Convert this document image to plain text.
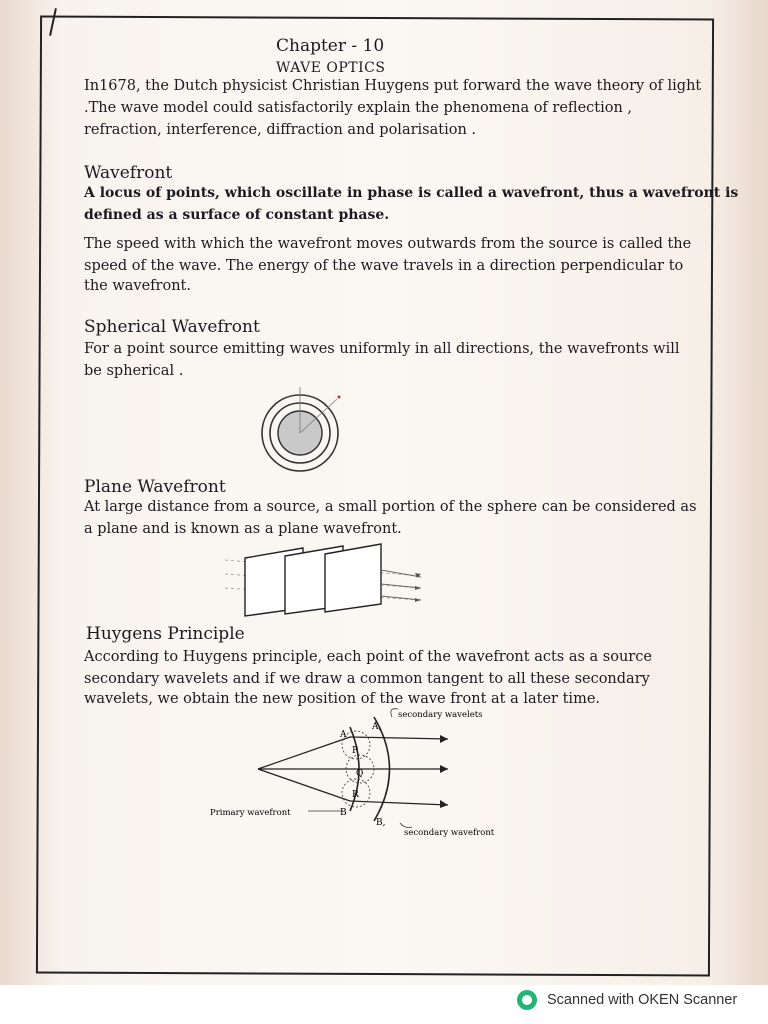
Chapter - 10
WAVE OPTICS
In1678, the Dutch physicist Christian Huygens put forward the wave theory of light
.The wave model could satisfactorily explain the phenomena of reflection ,
refraction, interference, diffraction and polarisation .
Wavefront
A locus of points, which oscillate in phase is called a wavefront, thus a wavefront is
defined as a surface of constant phase.
The speed with which the wavefront moves outwards from the source is called the
speed of the wave. The energy of the wave travels in a direction perpendicular to
the wavefront.
Spherical Wavefront
For a point source emitting waves uniformly in all directions, the wavefronts will
be spherical .
Plane Wavefront
At large distance from a source, a small portion of the sphere can be considered as
a plane and is known as a plane wavefront.
Huygens Principle
According to Huygens principle, each point of the wavefront acts as a source
secondary wavelets and if we draw a common tangent to all these secondary
wavelets, we obtain the new position of the wave front at a later time.
secondary wavelets
A
A,
P
Q
R
B
B,
Primary wavefront
secondary wavefront
Scanned with OKEN Scanner
